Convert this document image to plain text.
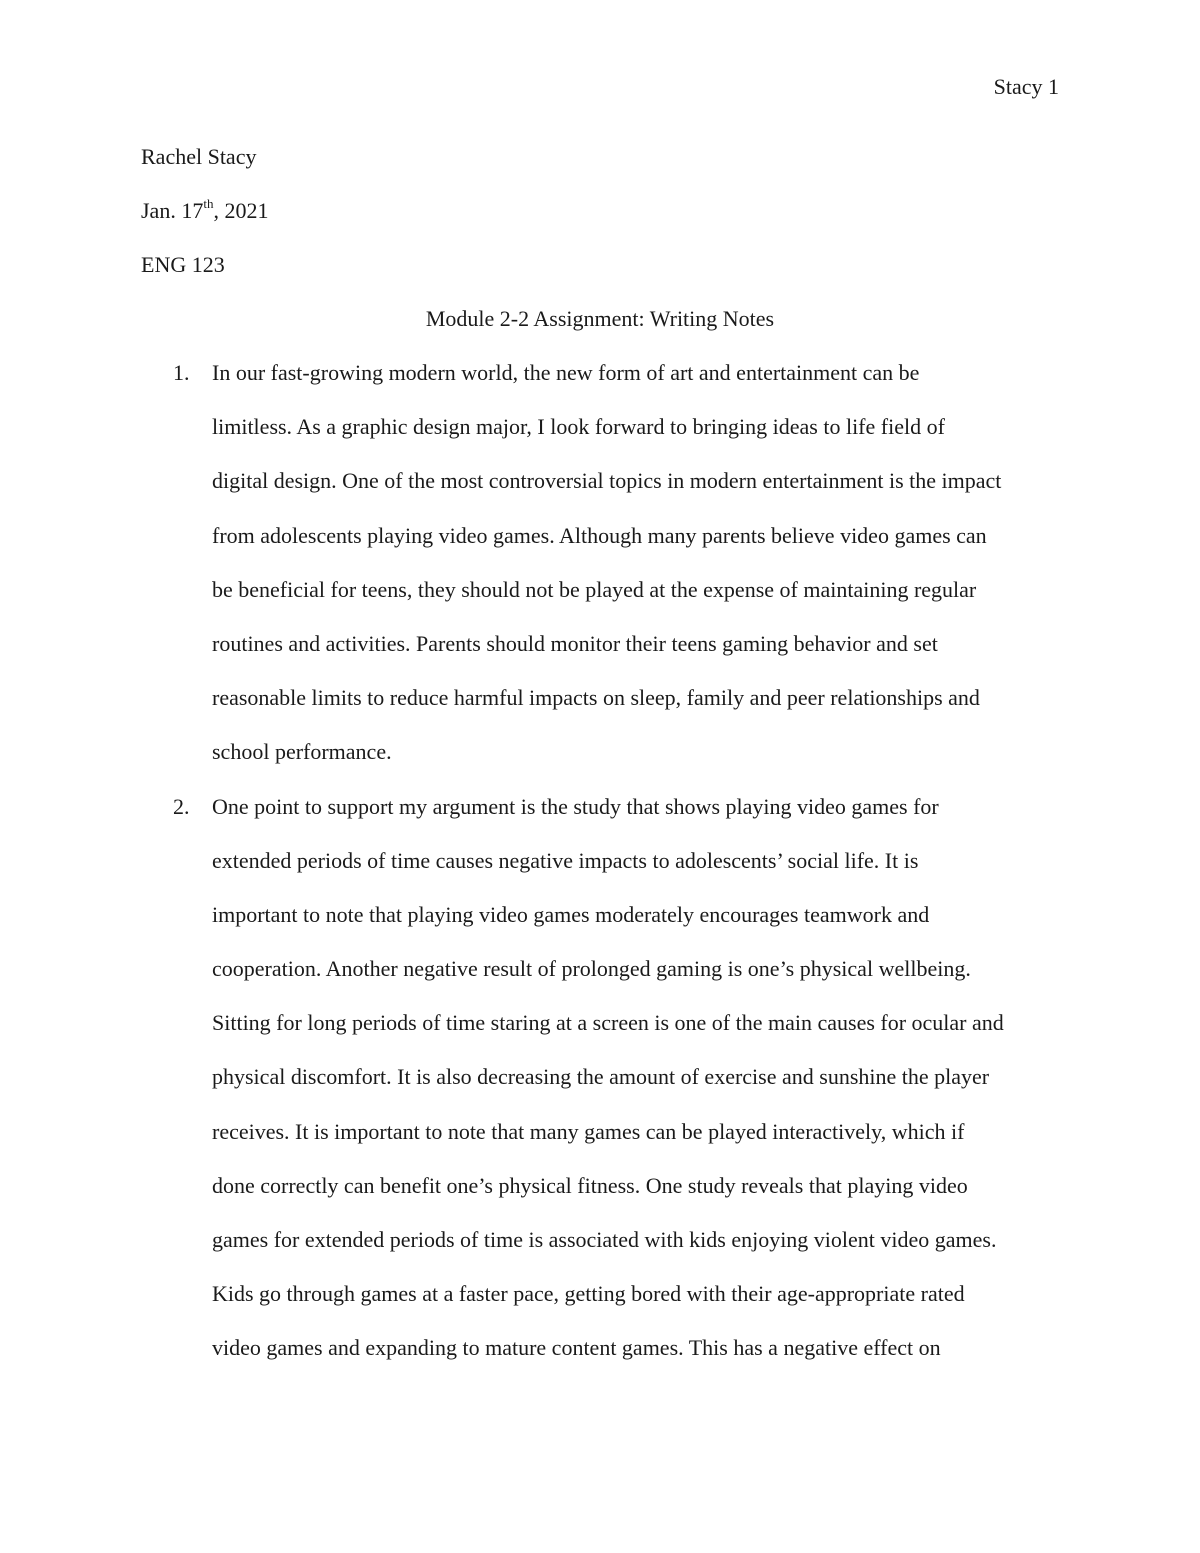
Stacy 1
Rachel Stacy
Jan. 17th, 2021
ENG 123
Module 2-2 Assignment: Writing Notes
1. In our fast-growing modern world, the new form of art and entertainment can be
limitless. As a graphic design major, I look forward to bringing ideas to life field of
digital design. One of the most controversial topics in modern entertainment is the impact
from adolescents playing video games. Although many parents believe video games can
be beneficial for teens, they should not be played at the expense of maintaining regular
routines and activities. Parents should monitor their teens gaming behavior and set
reasonable limits to reduce harmful impacts on sleep, family and peer relationships and
school performance.
2. One point to support my argument is the study that shows playing video games for
extended periods of time causes negative impacts to adolescents’ social life. It is
important to note that playing video games moderately encourages teamwork and
cooperation. Another negative result of prolonged gaming is one’s physical wellbeing.
Sitting for long periods of time staring at a screen is one of the main causes for ocular and
physical discomfort. It is also decreasing the amount of exercise and sunshine the player
receives. It is important to note that many games can be played interactively, which if
done correctly can benefit one’s physical fitness. One study reveals that playing video
games for extended periods of time is associated with kids enjoying violent video games.
Kids go through games at a faster pace, getting bored with their age-appropriate rated
video games and expanding to mature content games. This has a negative effect on
